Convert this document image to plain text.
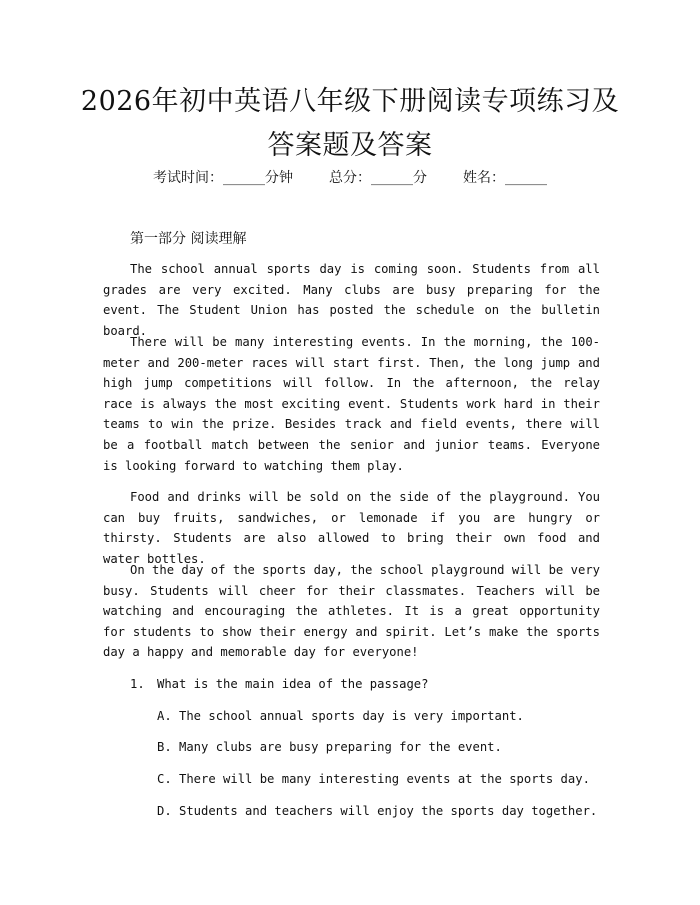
2026年初中英语八年级下册阅读专项练习及
答案题及答案
考试时间：______分钟	总分：______分	姓名：______
第一部分 阅读理解

The school annual sports day is coming soon. Students from all grades are very excited. Many clubs are busy preparing for the event. The Student Union has posted the schedule on the bulletin board.

There will be many interesting events. In the morning, the 100-meter and 200-meter races will start first. Then, the long jump and high jump competitions will follow. In the afternoon, the relay race is always the most exciting event. Students work hard in their teams to win the prize. Besides track and field events, there will be a football match between the senior and junior teams. Everyone is looking forward to watching them play.

Food and drinks will be sold on the side of the playground. You can buy fruits, sandwiches, or lemonade if you are hungry or thirsty. Students are also allowed to bring their own food and water bottles.

On the day of the sports day, the school playground will be very busy. Students will cheer for their classmates. Teachers will be watching and encouraging the athletes. It is a great opportunity for students to show their energy and spirit. Let’s make the sports day a happy and memorable day for everyone!

1. What is the main idea of the passage?
A. The school annual sports day is very important.
B. Many clubs are busy preparing for the event.
C. There will be many interesting events at the sports day.
D. Students and teachers will enjoy the sports day together.
